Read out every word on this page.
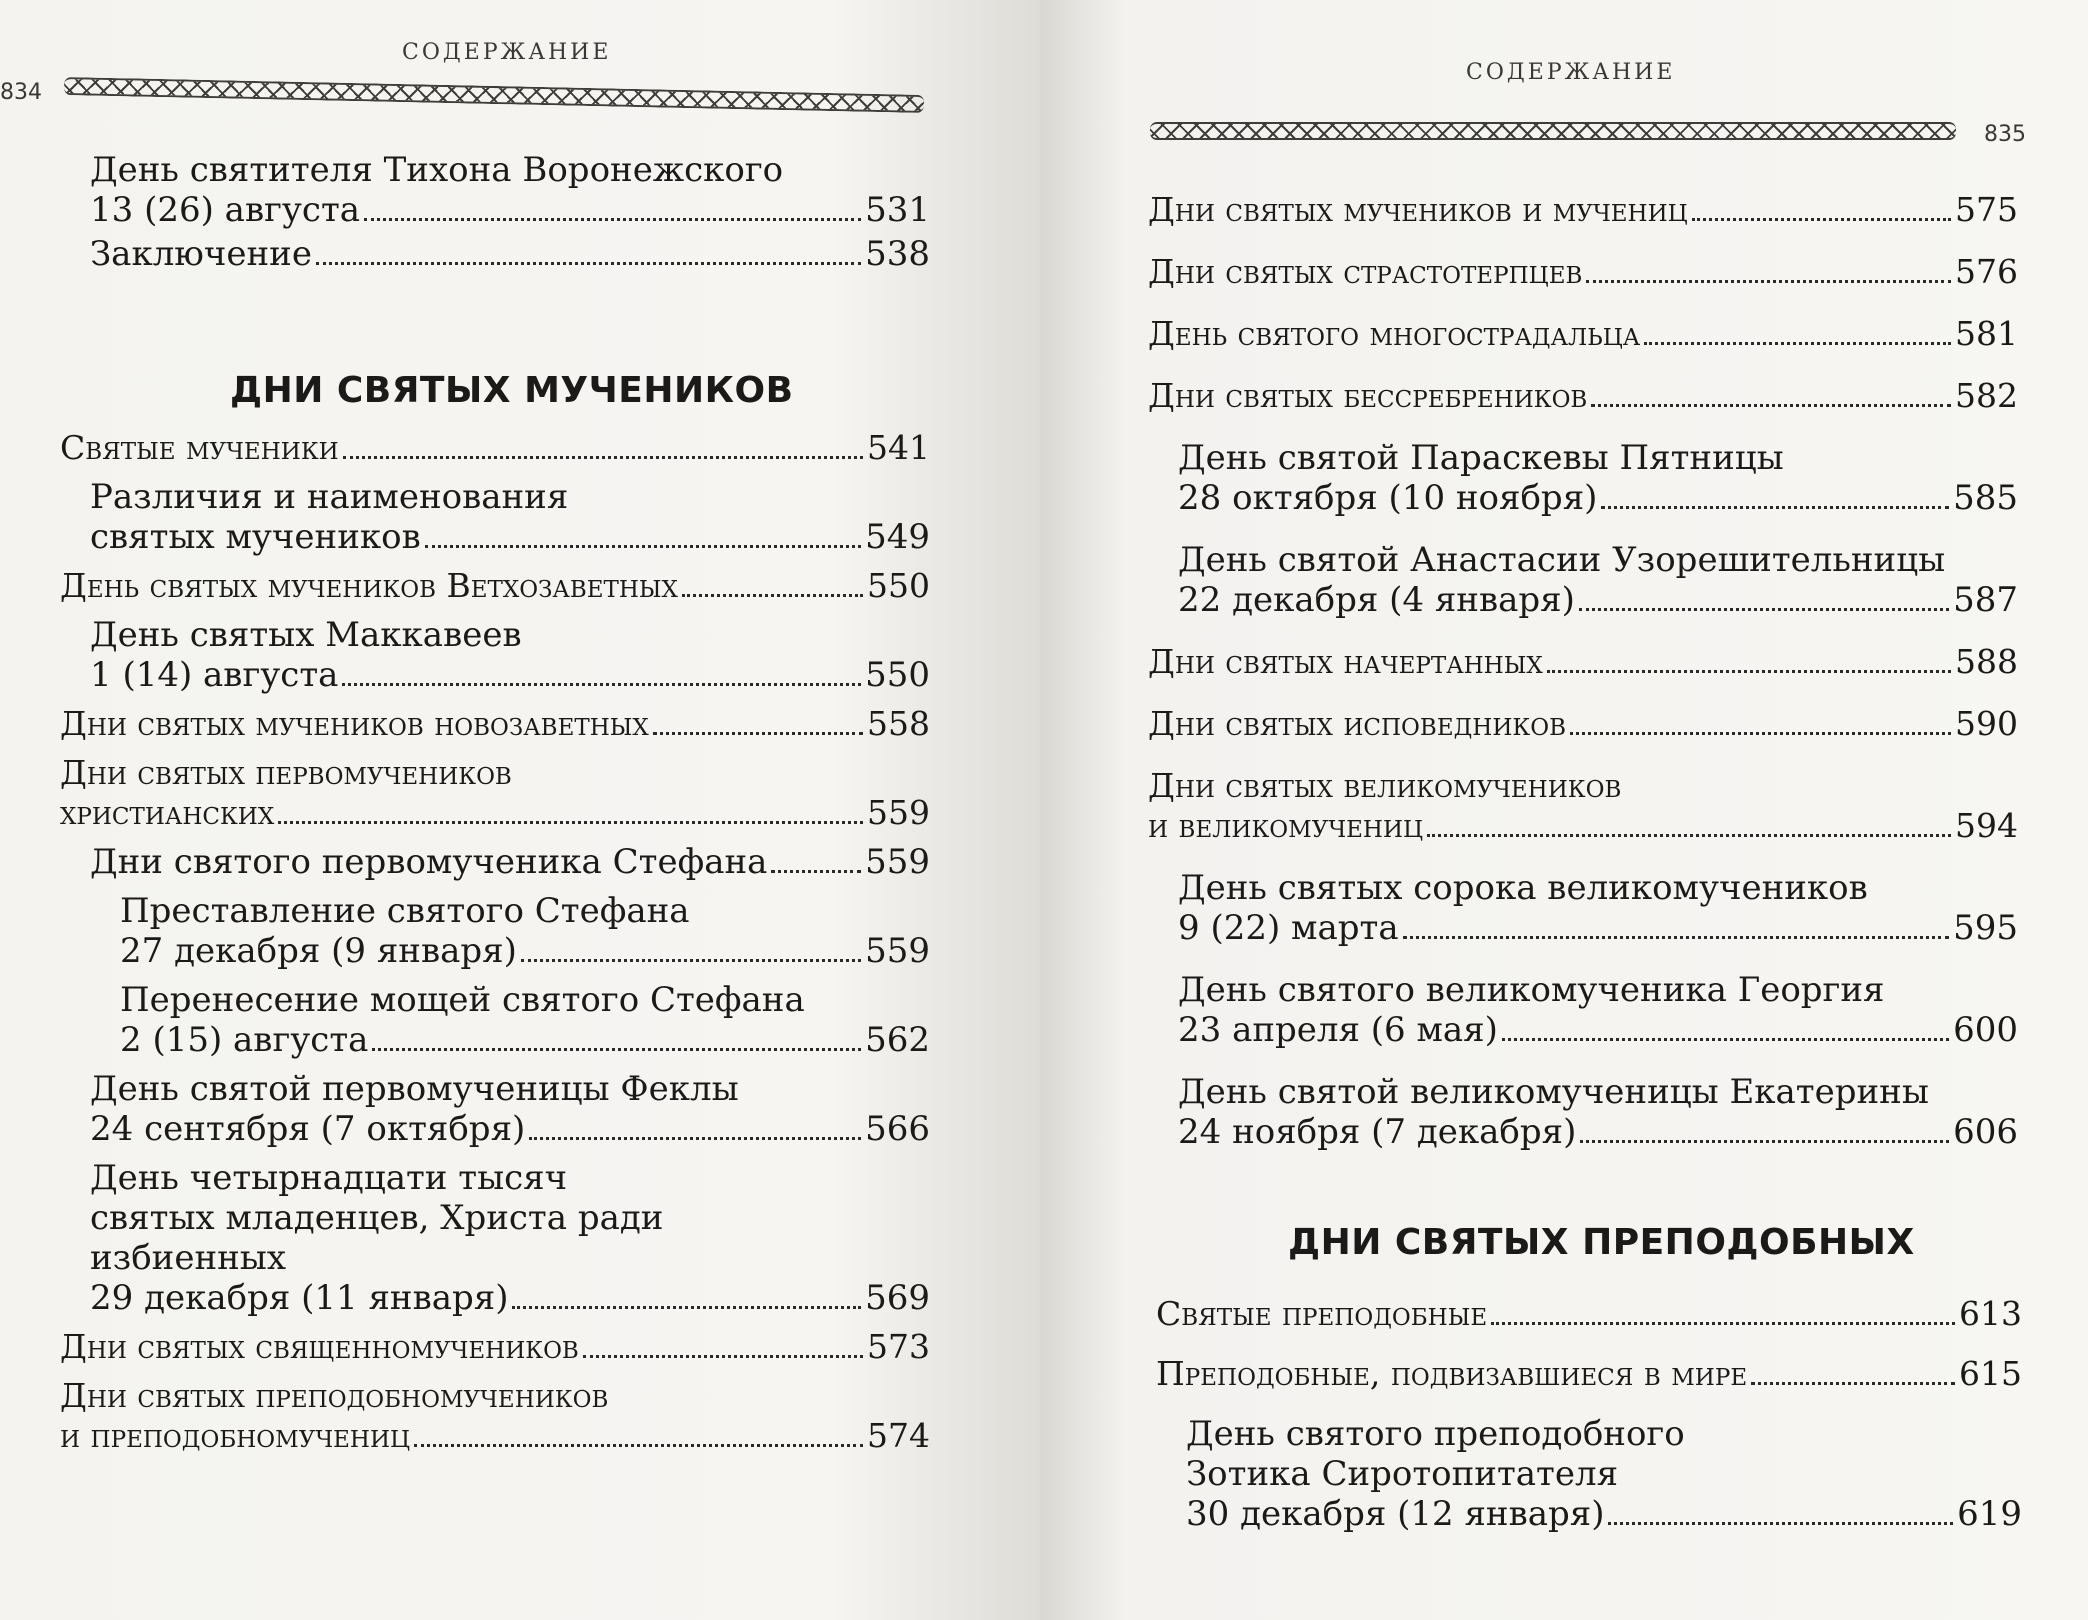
СОДЕРЖАНИЕ
834
День святителя Тихона Воронежского
13 (26) августа	531
Заключение	538
ДНИ СВЯТЫХ МУЧЕНИКОВ
Святые мученики	541
Различия и наименования
святых мучеников	549
День святых мучеников Ветхозаветных	550
День святых Маккавеев
1 (14) августа	550
Дни святых мучеников новозаветных	558
Дни святых первомучеников
христианских	559
Дни святого первомученика Стефана	559
Преставление святого Стефана
27 декабря (9 января)	559
Перенесение мощей святого Стефана
2 (15) августа	562
День святой первомученицы Феклы
24 сентября (7 октября)	566
День четырнадцати тысяч
святых младенцев, Христа ради
избиенных
29 декабря (11 января)	569
Дни святых священномучеников	573
Дни святых преподобномучеников
и преподобномучениц	574
СОДЕРЖАНИЕ
835
Дни святых мучеников и мучениц	575
Дни святых страстотерпцев	576
День святого многострадальца	581
Дни святых бессребреников	582
День святой Параскевы Пятницы
28 октября (10 ноября)	585
День святой Анастасии Узорешительницы
22 декабря (4 января)	587
Дни святых начертанных	588
Дни святых исповедников	590
Дни святых великомучеников
и великомучениц	594
День святых сорока великомучеников
9 (22) марта	595
День святого великомученика Георгия
23 апреля (6 мая)	600
День святой великомученицы Екатерины
24 ноября (7 декабря)	606
ДНИ СВЯТЫХ ПРЕПОДОБНЫХ
Святые преподобные	613
Преподобные, подвизавшиеся в мире	615
День святого преподобного
Зотика Сиротопитателя
30 декабря (12 января)	619
